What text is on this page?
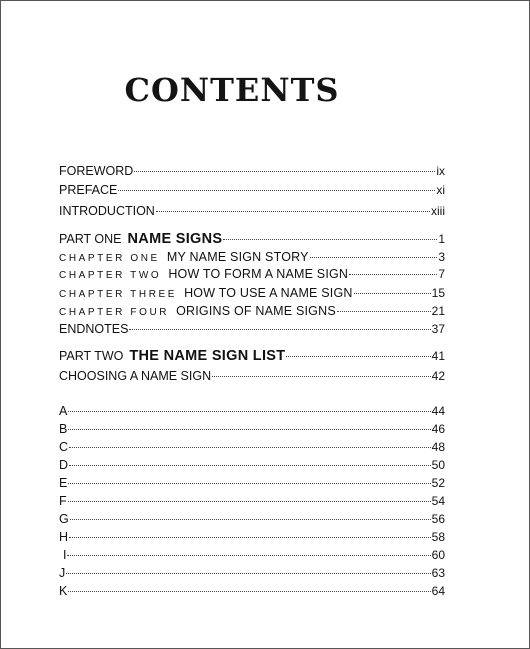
CONTENTS
FOREWORD	ix
PREFACE	xi
INTRODUCTION	xiii
PART ONE NAME SIGNS	1
CHAPTER ONE MY NAME SIGN STORY	3
CHAPTER TWO HOW TO FORM A NAME SIGN	7
CHAPTER THREE HOW TO USE A NAME SIGN	15
CHAPTER FOUR ORIGINS OF NAME SIGNS	21
ENDNOTES	37
PART TWO THE NAME SIGN LIST	41
CHOOSING A NAME SIGN	42
A	44
B	46
C	48
D	50
E	52
F	54
G	56
H	58
I	60
J	63
K	64
